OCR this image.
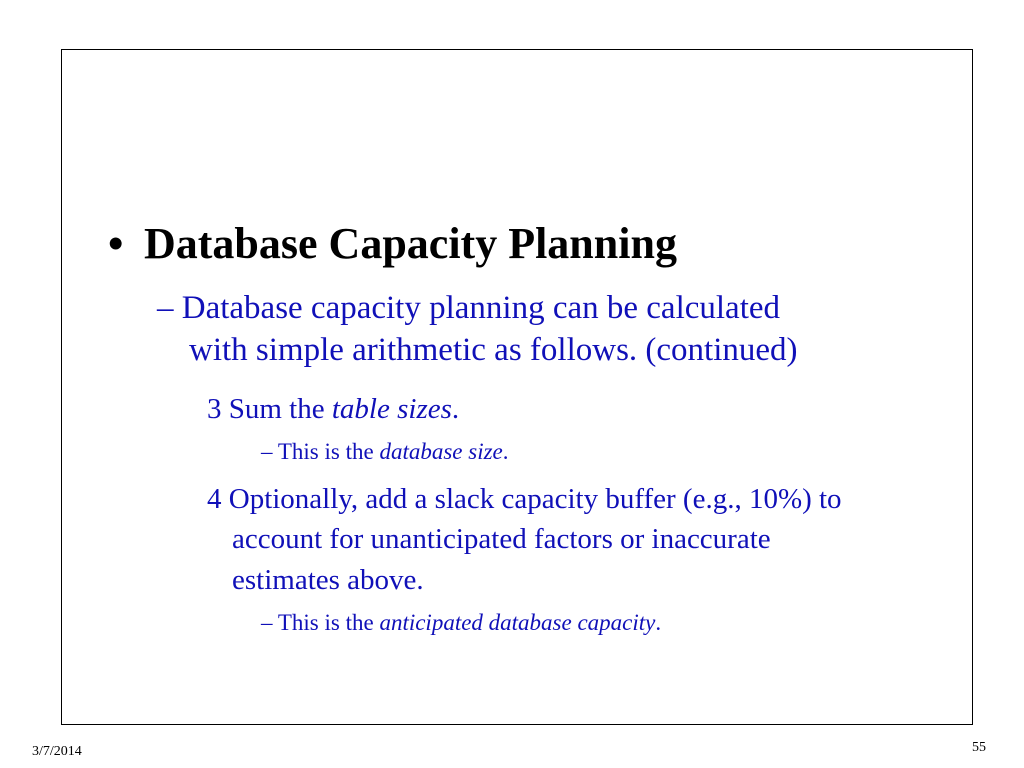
• Database Capacity Planning
– Database capacity planning can be calculated
with simple arithmetic as follows. (continued)
3 Sum the table sizes.
– This is the database size.
4 Optionally, add a slack capacity buffer (e.g., 10%) to
account for unanticipated factors or inaccurate
estimates above.
– This is the anticipated database capacity.
3/7/2014	55
